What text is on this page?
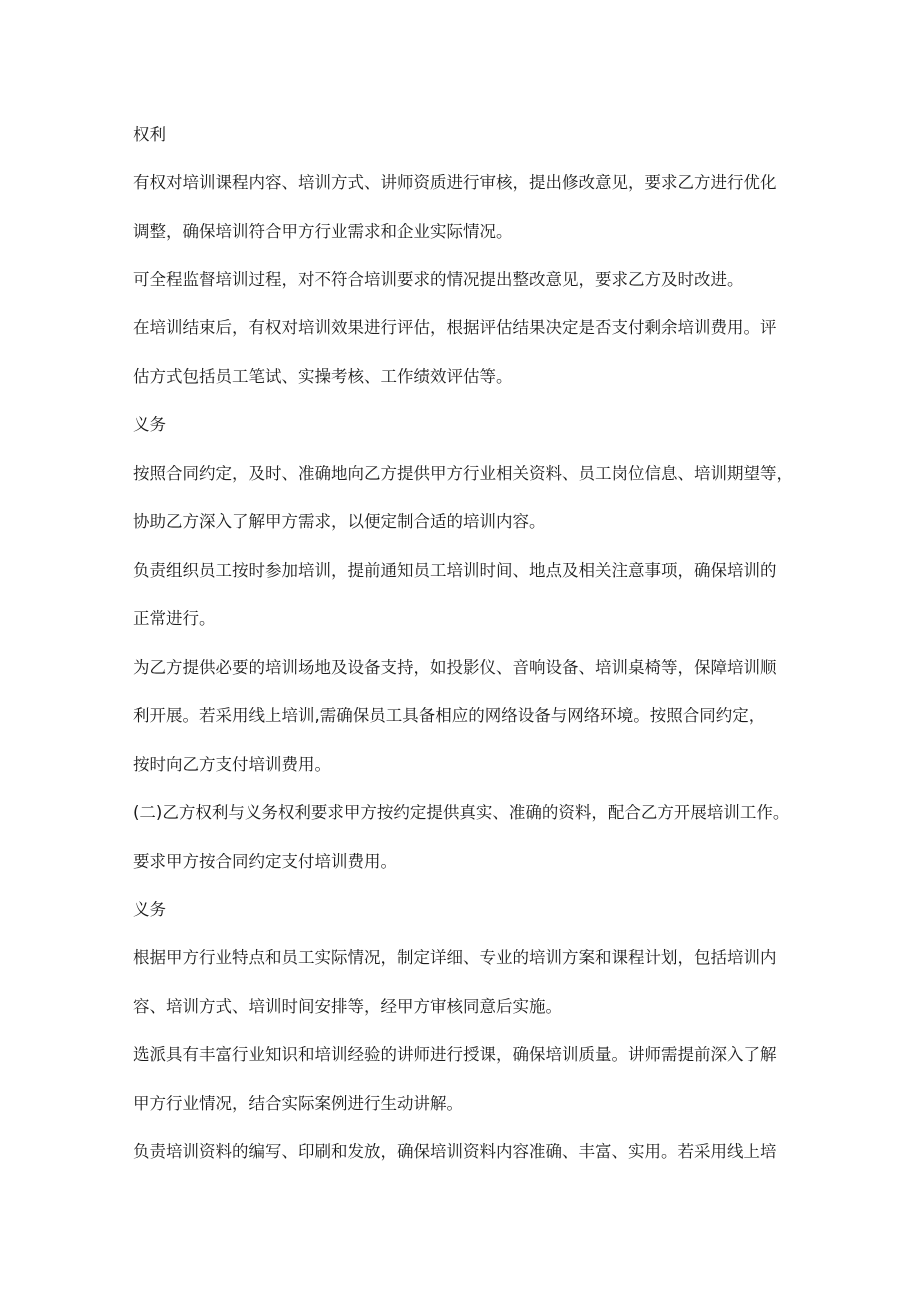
权利
有权对培训课程内容、培训方式、讲师资质进行审核，提出修改意见，要求乙方进行优化
调整，确保培训符合甲方行业需求和企业实际情况。
可全程监督培训过程，对不符合培训要求的情况提出整改意见，要求乙方及时改进。
在培训结束后，有权对培训效果进行评估，根据评估结果决定是否支付剩余培训费用。评
估方式包括员工笔试、实操考核、工作绩效评估等。
义务
按照合同约定，及时、准确地向乙方提供甲方行业相关资料、员工岗位信息、培训期望等，
协助乙方深入了解甲方需求，以便定制合适的培训内容。
负责组织员工按时参加培训，提前通知员工培训时间、地点及相关注意事项，确保培训的
正常进行。
为乙方提供必要的培训场地及设备支持，如投影仪、音响设备、培训桌椅等，保障培训顺
利开展。若采用线上培训,需确保员工具备相应的网络设备与网络环境。按照合同约定，
按时向乙方支付培训费用。
(二)乙方权利与义务权利要求甲方按约定提供真实、准确的资料，配合乙方开展培训工作。
要求甲方按合同约定支付培训费用。
义务
根据甲方行业特点和员工实际情况，制定详细、专业的培训方案和课程计划，包括培训内
容、培训方式、培训时间安排等，经甲方审核同意后实施。
选派具有丰富行业知识和培训经验的讲师进行授课，确保培训质量。讲师需提前深入了解
甲方行业情况，结合实际案例进行生动讲解。
负责培训资料的编写、印刷和发放，确保培训资料内容准确、丰富、实用。若采用线上培
